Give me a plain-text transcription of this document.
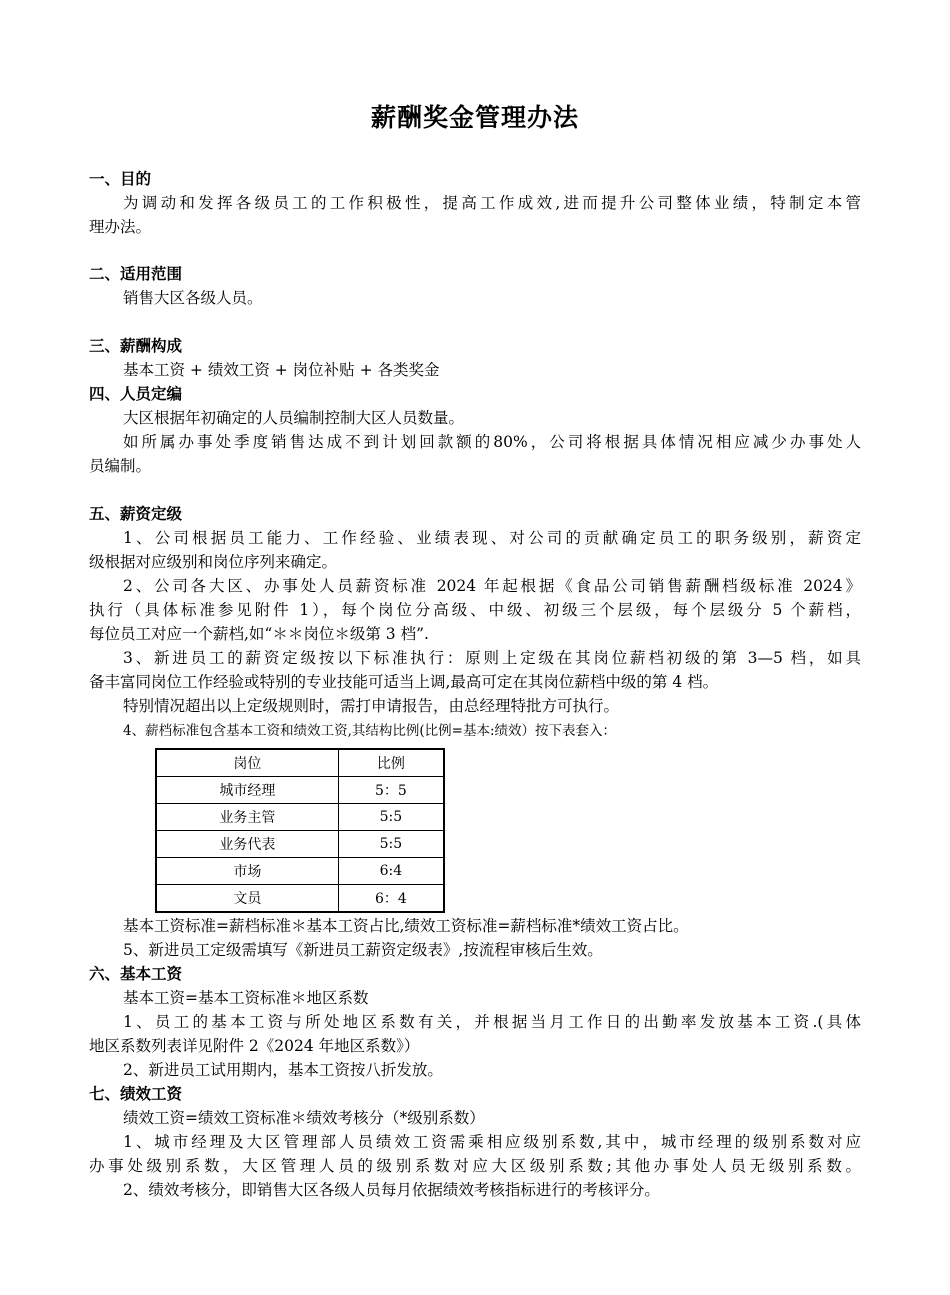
薪酬奖金管理办法
一、目的
为调动和发挥各级员工的工作积极性，提高工作成效,进而提升公司整体业绩，特制定本管
理办法。
二、适用范围
销售大区各级人员。
三、薪酬构成
基本工资 + 绩效工资 + 岗位补贴 + 各类奖金
四、人员定编
大区根据年初确定的人员编制控制大区人员数量。
如所属办事处季度销售达成不到计划回款额的80%，公司将根据具体情况相应减少办事处人
员编制。
五、薪资定级
1、公司根据员工能力、工作经验、业绩表现、对公司的贡献确定员工的职务级别，薪资定
级根据对应级别和岗位序列来确定。
2、公司各大区、办事处人员薪资标准 2024 年起根据《食品公司销售薪酬档级标准 2024》
执行（具体标准参见附件 1），每个岗位分高级、中级、初级三个层级，每个层级分 5 个薪档，
每位员工对应一个薪档,如“＊＊岗位＊级第 3 档”.
3、新进员工的薪资定级按以下标准执行：原则上定级在其岗位薪档初级的第 3—5 档，如具
备丰富同岗位工作经验或特别的专业技能可适当上调,最高可定在其岗位薪档中级的第 4 档。
特别情况超出以上定级规则时，需打申请报告，由总经理特批方可执行。
4、薪档标准包含基本工资和绩效工资,其结构比例(比例=基本:绩效）按下表套入：
岗位	比例
城市经理	5：5
业务主管	5:5
业务代表	5:5
市场	6:4
文员	6：4
基本工资标准=薪档标准＊基本工资占比,绩效工资标准=薪档标准*绩效工资占比。
5、新进员工定级需填写《新进员工薪资定级表》,按流程审核后生效。
六、基本工资
基本工资=基本工资标准＊地区系数
1、员工的基本工资与所处地区系数有关，并根据当月工作日的出勤率发放基本工资.(具体
地区系数列表详见附件 2《2024 年地区系数》）
2、新进员工试用期内，基本工资按八折发放。
七、绩效工资
绩效工资=绩效工资标准＊绩效考核分（*级别系数）
1、城市经理及大区管理部人员绩效工资需乘相应级别系数,其中，城市经理的级别系数对应
办事处级别系数，大区管理人员的级别系数对应大区级别系数;其他办事处人员无级别系数。
2、绩效考核分，即销售大区各级人员每月依据绩效考核指标进行的考核评分。
